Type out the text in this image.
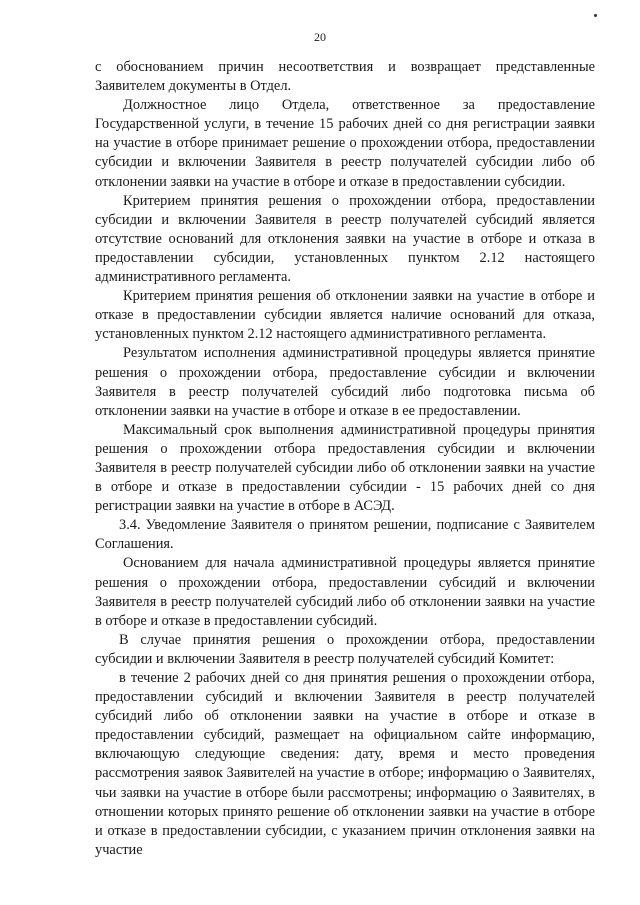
20

с обоснованием причин несоответствия и возвращает представленные Заявителем документы в Отдел.

Должностное лицо Отдела, ответственное за предоставление Государственной услуги, в течение 15 рабочих дней со дня регистрации заявки на участие в отборе принимает решение о прохождении отбора, предоставлении субсидии и включении Заявителя в реестр получателей субсидии либо об отклонении заявки на участие в отборе и отказе в предоставлении субсидии.

Критерием принятия решения о прохождении отбора, предоставлении субсидии и включении Заявителя в реестр получателей субсидий является отсутствие оснований для отклонения заявки на участие в отборе и отказа в предоставлении субсидии, установленных пунктом 2.12 настоящего административного регламента.

Критерием принятия решения об отклонении заявки на участие в отборе и отказе в предоставлении субсидии является наличие оснований для отказа, установленных пунктом 2.12 настоящего административного регламента.

Результатом исполнения административной процедуры является принятие решения о прохождении отбора, предоставление субсидии и включении Заявителя в реестр получателей субсидий либо подготовка письма об отклонении заявки на участие в отборе и отказе в ее предоставлении.

Максимальный срок выполнения административной процедуры принятия решения о прохождении отбора предоставления субсидии и включении Заявителя в реестр получателей субсидии либо об отклонении заявки на участие в отборе и отказе в предоставлении субсидии - 15 рабочих дней со дня регистрации заявки на участие в отборе в АСЭД.

3.4. Уведомление Заявителя о принятом решении, подписание с Заявителем Соглашения.

Основанием для начала административной процедуры является принятие решения о прохождении отбора, предоставлении субсидий и включении Заявителя в реестр получателей субсидий либо об отклонении заявки на участие в отборе и отказе в предоставлении субсидий.

В случае принятия решения о прохождении отбора, предоставлении субсидии и включении Заявителя в реестр получателей субсидий Комитет:

в течение 2 рабочих дней со дня принятия решения о прохождении отбора, предоставлении субсидий и включении Заявителя в реестр получателей субсидий либо об отклонении заявки на участие в отборе и отказе в предоставлении субсидий, размещает на официальном сайте информацию, включающую следующие сведения: дату, время и место проведения рассмотрения заявок Заявителей на участие в отборе; информацию о Заявителях, чьи заявки на участие в отборе были рассмотрены; информацию о Заявителях, в отношении которых принято решение об отклонении заявки на участие в отборе и отказе в предоставлении субсидии, с указанием причин отклонения заявки на участие
